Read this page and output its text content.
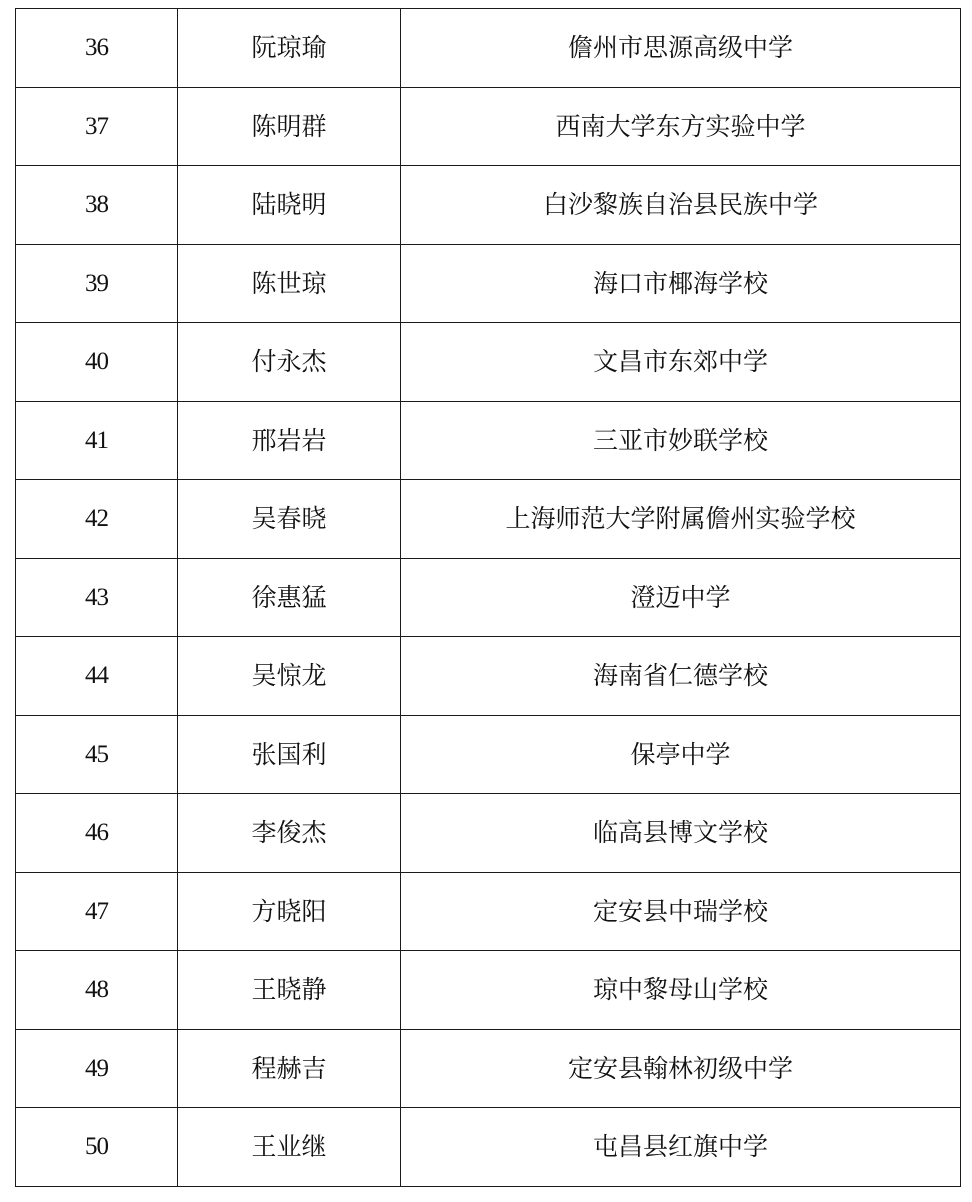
36	阮琼瑜	儋州市思源高级中学
37	陈明群	西南大学东方实验中学
38	陆晓明	白沙黎族自治县民族中学
39	陈世琼	海口市椰海学校
40	付永杰	文昌市东郊中学
41	邢岩岩	三亚市妙联学校
42	吴春晓	上海师范大学附属儋州实验学校
43	徐惠猛	澄迈中学
44	吴惊龙	海南省仁德学校
45	张国利	保亭中学
46	李俊杰	临高县博文学校
47	方晓阳	定安县中瑞学校
48	王晓静	琼中黎母山学校
49	程赫吉	定安县翰林初级中学
50	王业继	屯昌县红旗中学
